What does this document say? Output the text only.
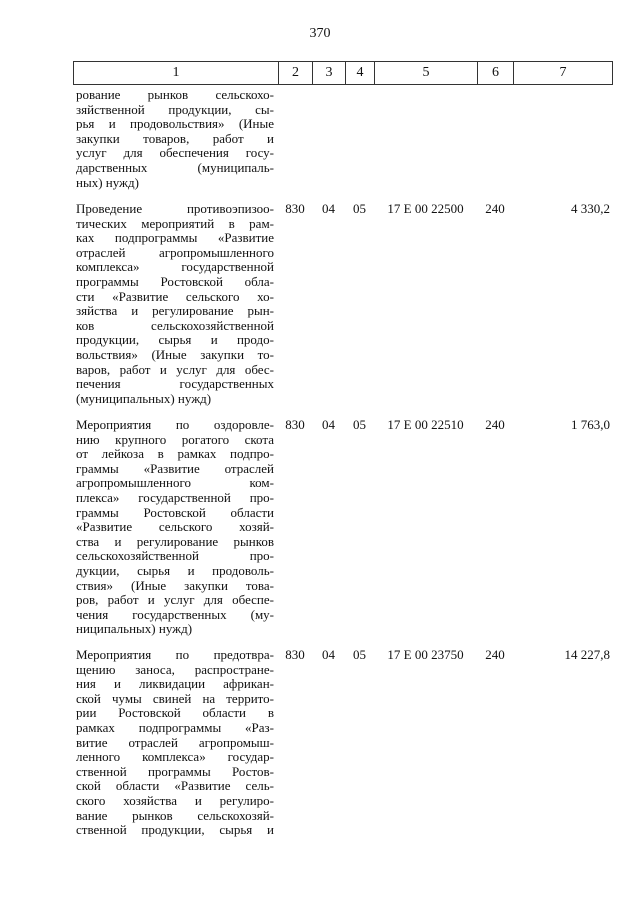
370
1	2	3	4	5	6	7
рование рынков сельскохо-
зяйственной продукции, сы-
рья и продовольствия» (Иные
закупки товаров, работ и
услуг для обеспечения госу-
дарственных (муниципаль-
ных) нужд)
Проведение противоэпизоо-
тических мероприятий в рам-
ках подпрограммы «Развитие
отраслей агропромышленного
комплекса» государственной
программы Ростовской обла-
сти «Развитие сельского хо-
зяйства и регулирование рын-
ков сельскохозяйственной
продукции, сырья и продо-
вольствия» (Иные закупки то-
варов, работ и услуг для обес-
печения государственных
(муниципальных) нужд)
830	04	05	17 Е 00 22500	240	4 330,2
Мероприятия по оздоровле-
нию крупного рогатого скота
от лейкоза в рамках подпро-
граммы «Развитие отраслей
агропромышленного ком-
плекса» государственной про-
граммы Ростовской области
«Развитие сельского хозяй-
ства и регулирование рынков
сельскохозяйственной про-
дукции, сырья и продоволь-
ствия» (Иные закупки това-
ров, работ и услуг для обеспе-
чения государственных (му-
ниципальных) нужд)
830	04	05	17 Е 00 22510	240	1 763,0
Мероприятия по предотвра-
щению заноса, распростране-
ния и ликвидации африкан-
ской чумы свиней на террито-
рии Ростовской области в
рамках подпрограммы «Раз-
витие отраслей агропромыш-
ленного комплекса» государ-
ственной программы Ростов-
ской области «Развитие сель-
ского хозяйства и регулиро-
вание рынков сельскохозяй-
ственной продукции, сырья и
830	04	05	17 Е 00 23750	240	14 227,8
